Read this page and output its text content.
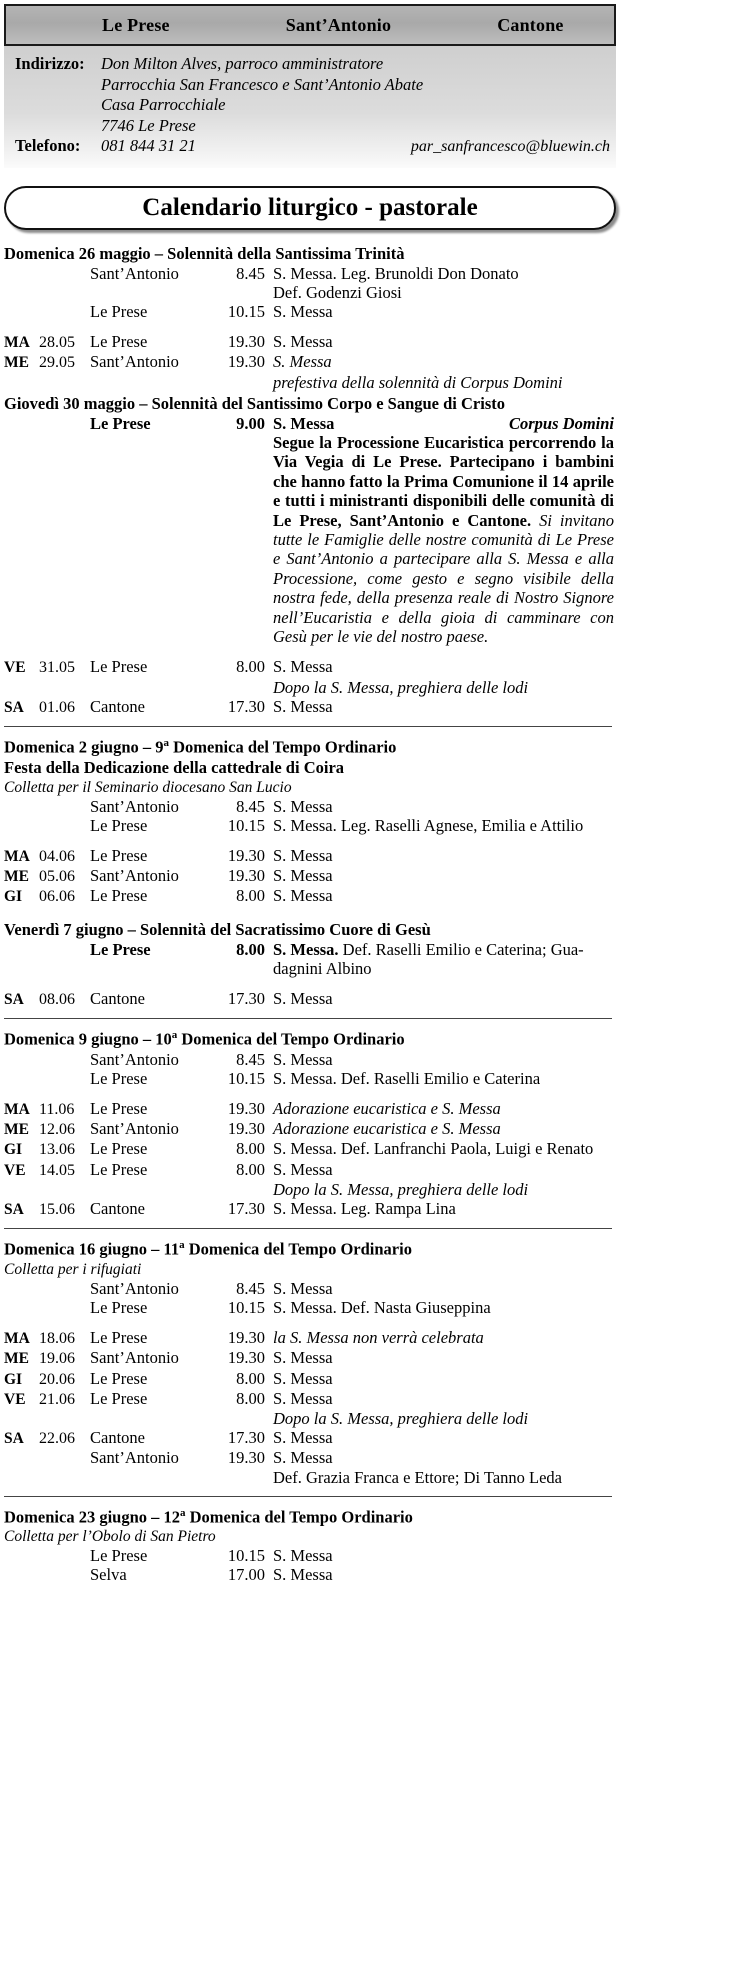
Le Prese	Sant’Antonio	Cantone
Indirizzo: Don Milton Alves, parroco amministratore
Parrocchia San Francesco e Sant’Antonio Abate
Casa Parrocchiale
7746 Le Prese
Telefono:	081 844 31 21	par_sanfrancesco@bluewin.ch
Calendario liturgico - pastorale
Domenica 26 maggio – Solennità della Santissima Trinità
Sant’Antonio	8.45 S. Messa. Leg. Brunoldi Don Donato
Def. Godenzi Giosi
Le Prese	10.15 S. Messa
MA 28.05 Le Prese	19.30 S. Messa
ME 29.05 Sant’Antonio	19.30 S. Messa
prefestiva della solennità di Corpus Domini
Giovedì 30 maggio – Solennità del Santissimo Corpo e Sangue di Cristo
Le Prese	9.00 S. Messa	Corpus Domini
Segue la Processione Eucaristica percorrendo la Via Vegia di Le Prese. Partecipano i bambini che hanno fatto la Prima Comunione il 14 aprile e tutti i ministranti disponibili delle comunità di Le Prese, Sant’Antonio e Cantone. Si invitano tutte le Famiglie delle nostre comunità di Le Prese e Sant’Antonio a partecipare alla S. Messa e alla Processione, come gesto e segno visibile della nostra fede, della presenza reale di Nostro Signore nell’Eucaristia e della gioia di camminare con Gesù per le vie del nostro paese.
VE 31.05 Le Prese	8.00 S. Messa
Dopo la S. Messa, preghiera delle lodi
SA 01.06 Cantone	17.30 S. Messa
Domenica 2 giugno – 9$^a$ Domenica del Tempo Ordinario
Festa della Dedicazione della cattedrale di Coira
Colletta per il Seminario diocesano San Lucio
Sant’Antonio	8.45 S. Messa
Le Prese	10.15 S. Messa. Leg. Raselli Agnese, Emilia e Attilio
MA 04.06 Le Prese	19.30 S. Messa
ME 05.06 Sant’Antonio	19.30 S. Messa
GI	06.06 Le Prese	8.00 S. Messa
Venerdì 7 giugno – Solennità del Sacratissimo Cuore di Gesù
Le Prese	8.00 S. Messa. Def. Raselli Emilio e Caterina; Gua-
dagnini Albino
SA 08.06 Cantone	17.30 S. Messa
Domenica 9 giugno – 10$^a$ Domenica del Tempo Ordinario
Sant’Antonio	8.45 S. Messa
Le Prese	10.15 S. Messa. Def. Raselli Emilio e Caterina
MA 11.06 Le Prese	19.30 Adorazione eucaristica e S. Messa
ME 12.06 Sant’Antonio	19.30 Adorazione eucaristica e S. Messa
GI	13.06 Le Prese	8.00 S. Messa. Def. Lanfranchi Paola, Luigi e Renato
VE 14.05 Le Prese	8.00 S. Messa
Dopo la S. Messa, preghiera delle lodi
SA 15.06 Cantone	17.30 S. Messa. Leg. Rampa Lina
Domenica 16 giugno – 11$^a$ Domenica del Tempo Ordinario
Colletta per i rifugiati
Sant’Antonio	8.45 S. Messa
Le Prese	10.15 S. Messa. Def. Nasta Giuseppina
MA 18.06 Le Prese	19.30 la S. Messa non verrà celebrata
ME 19.06 Sant’Antonio	19.30 S. Messa
GI	20.06 Le Prese	8.00 S. Messa
VE 21.06 Le Prese	8.00 S. Messa
Dopo la S. Messa, preghiera delle lodi
SA 22.06 Cantone	17.30 S. Messa
Sant’Antonio	19.30 S. Messa
Def. Grazia Franca e Ettore; Di Tanno Leda
Domenica 23 giugno – 12$^a$ Domenica del Tempo Ordinario
Colletta per l’Obolo di San Pietro
Le Prese	10.15 S. Messa
Selva	17.00 S. Messa
